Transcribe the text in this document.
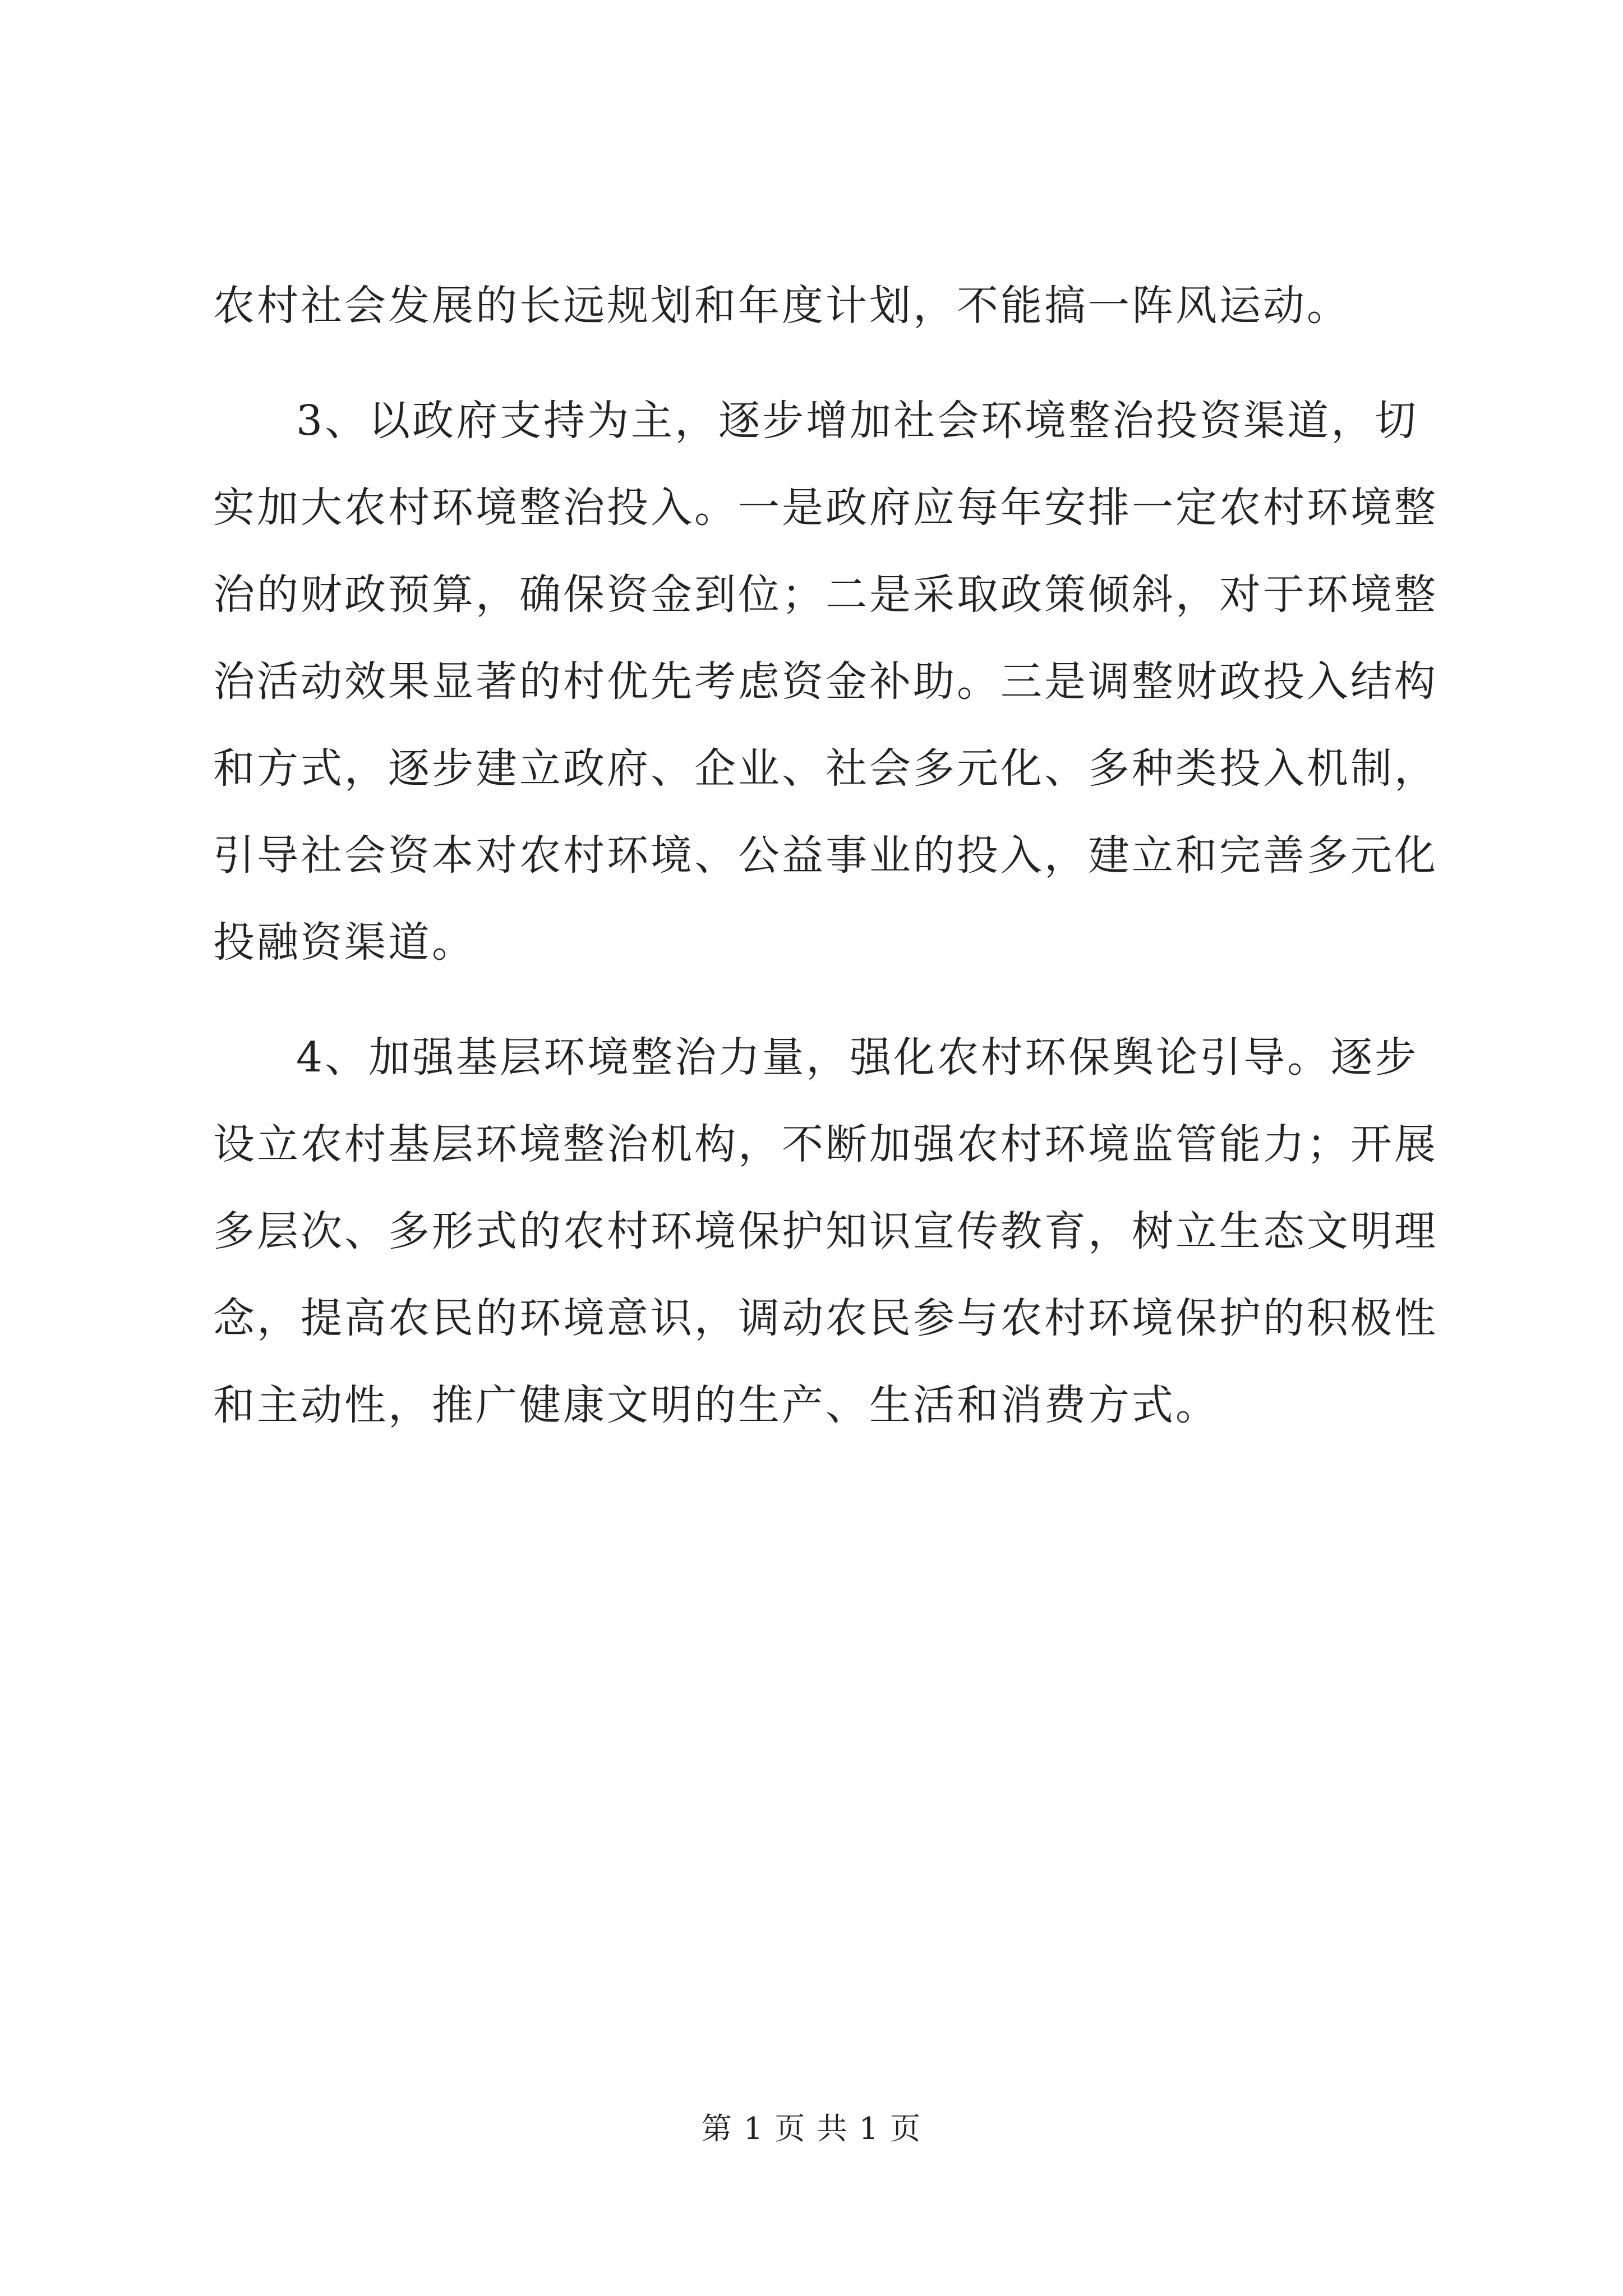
农村社会发展的长远规划和年度计划，不能搞一阵风运动。
3、以政府支持为主，逐步增加社会环境整治投资渠道，切
实加大农村环境整治投入。一是政府应每年安排一定农村环境整
治的财政预算，确保资金到位；二是采取政策倾斜，对于环境整
治活动效果显著的村优先考虑资金补助。三是调整财政投入结构
和方式，逐步建立政府、企业、社会多元化、多种类投入机制，
引导社会资本对农村环境、公益事业的投入，建立和完善多元化
投融资渠道。
4、加强基层环境整治力量，强化农村环保舆论引导。逐步
设立农村基层环境整治机构，不断加强农村环境监管能力；开展
多层次、多形式的农村环境保护知识宣传教育，树立生态文明理
念，提高农民的环境意识，调动农民参与农村环境保护的积极性
和主动性，推广健康文明的生产、生活和消费方式。
第 1 页 共 1 页
